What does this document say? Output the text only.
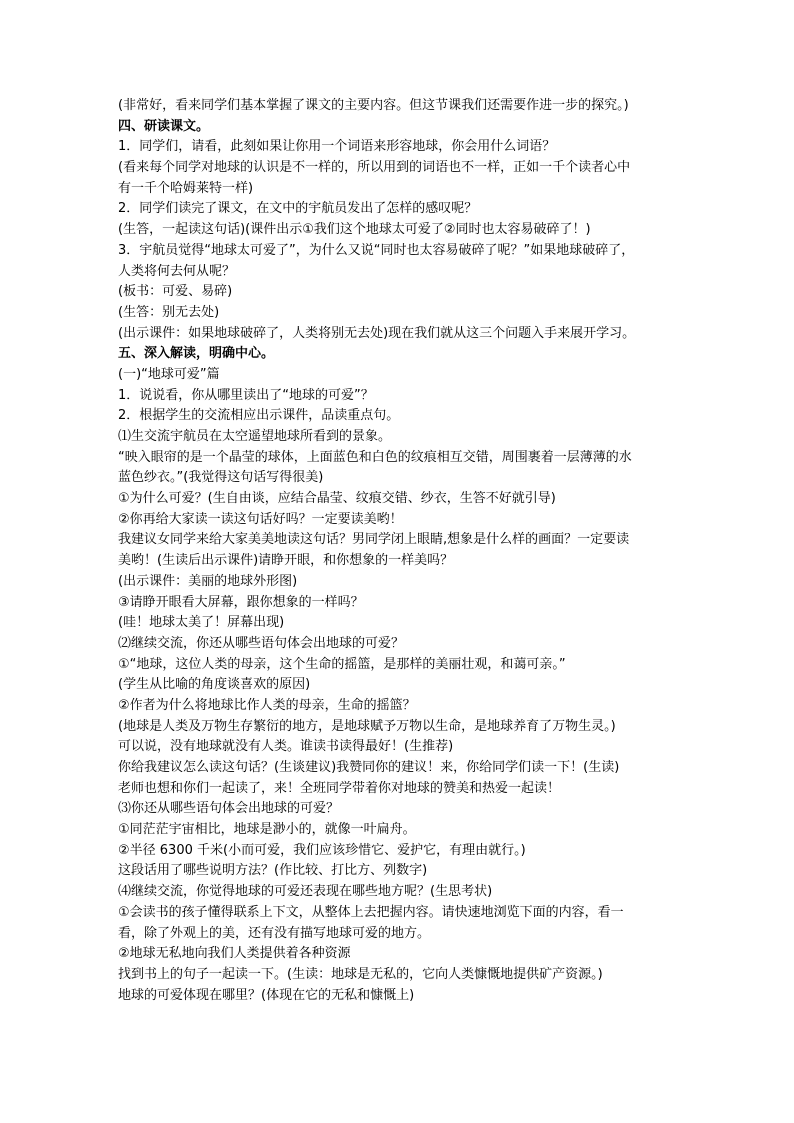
(非常好，看来同学们基本掌握了课文的主要内容。但这节课我们还需要作进一步的探究。)
四、研读课文。
1．同学们，请看，此刻如果让你用一个词语来形容地球，你会用什么词语？
(看来每个同学对地球的认识是不一样的，所以用到的词语也不一样，正如一千个读者心中
有一千个哈姆莱特一样)
2．同学们读完了课文，在文中的宇航员发出了怎样的感叹呢？
(生答，一起读这句话)(课件出示①我们这个地球太可爱了②同时也太容易破碎了！)
3．宇航员觉得“地球太可爱了”，为什么又说“同时也太容易破碎了呢？”如果地球破碎了，
人类将何去何从呢？
(板书：可爱、易碎)
(生答：别无去处)
(出示课件：如果地球破碎了，人类将别无去处)现在我们就从这三个问题入手来展开学习。
五、深入解读，明确中心。
(一)“地球可爱”篇
1．说说看，你从哪里读出了“地球的可爱”？
2．根据学生的交流相应出示课件，品读重点句。
⑴生交流宇航员在太空遥望地球所看到的景象。
“映入眼帘的是一个晶莹的球体，上面蓝色和白色的纹痕相互交错，周围裹着一层薄薄的水
蓝色纱衣。”(我觉得这句话写得很美)
①为什么可爱？(生自由谈，应结合晶莹、纹痕交错、纱衣，生答不好就引导)
②你再给大家读一读这句话好吗？一定要读美哟！
我建议女同学来给大家美美地读这句话？男同学闭上眼睛,想象是什么样的画面？一定要读
美哟！(生读后出示课件)请睁开眼，和你想象的一样美吗？
(出示课件：美丽的地球外形图)
③请睁开眼看大屏幕，跟你想象的一样吗？
(哇！地球太美了！屏幕出现)
⑵继续交流，你还从哪些语句体会出地球的可爱？
①“地球，这位人类的母亲，这个生命的摇篮，是那样的美丽壮观，和蔼可亲。”
(学生从比喻的角度谈喜欢的原因)
②作者为什么将地球比作人类的母亲，生命的摇篮？
(地球是人类及万物生存繁衍的地方，是地球赋予万物以生命，是地球养育了万物生灵。)
可以说，没有地球就没有人类。谁读书读得最好！(生推荐)
你给我建议怎么读这句话？(生谈建议)我赞同你的建议！来，你给同学们读一下！(生读)
老师也想和你们一起读了，来！全班同学带着你对地球的赞美和热爱一起读！
⑶你还从哪些语句体会出地球的可爱？
①同茫茫宇宙相比，地球是渺小的，就像一叶扁舟。
②半径 6300 千米(小而可爱，我们应该珍惜它、爱护它，有理由就行。)
这段话用了哪些说明方法？(作比较、打比方、列数字)
⑷继续交流，你觉得地球的可爱还表现在哪些地方呢？(生思考状)
①会读书的孩子懂得联系上下文，从整体上去把握内容。请快速地浏览下面的内容，看一
看，除了外观上的美，还有没有描写地球可爱的地方。
②地球无私地向我们人类提供着各种资源
找到书上的句子一起读一下。(生读：地球是无私的，它向人类慷慨地提供矿产资源。)
地球的可爱体现在哪里？(体现在它的无私和慷慨上)
